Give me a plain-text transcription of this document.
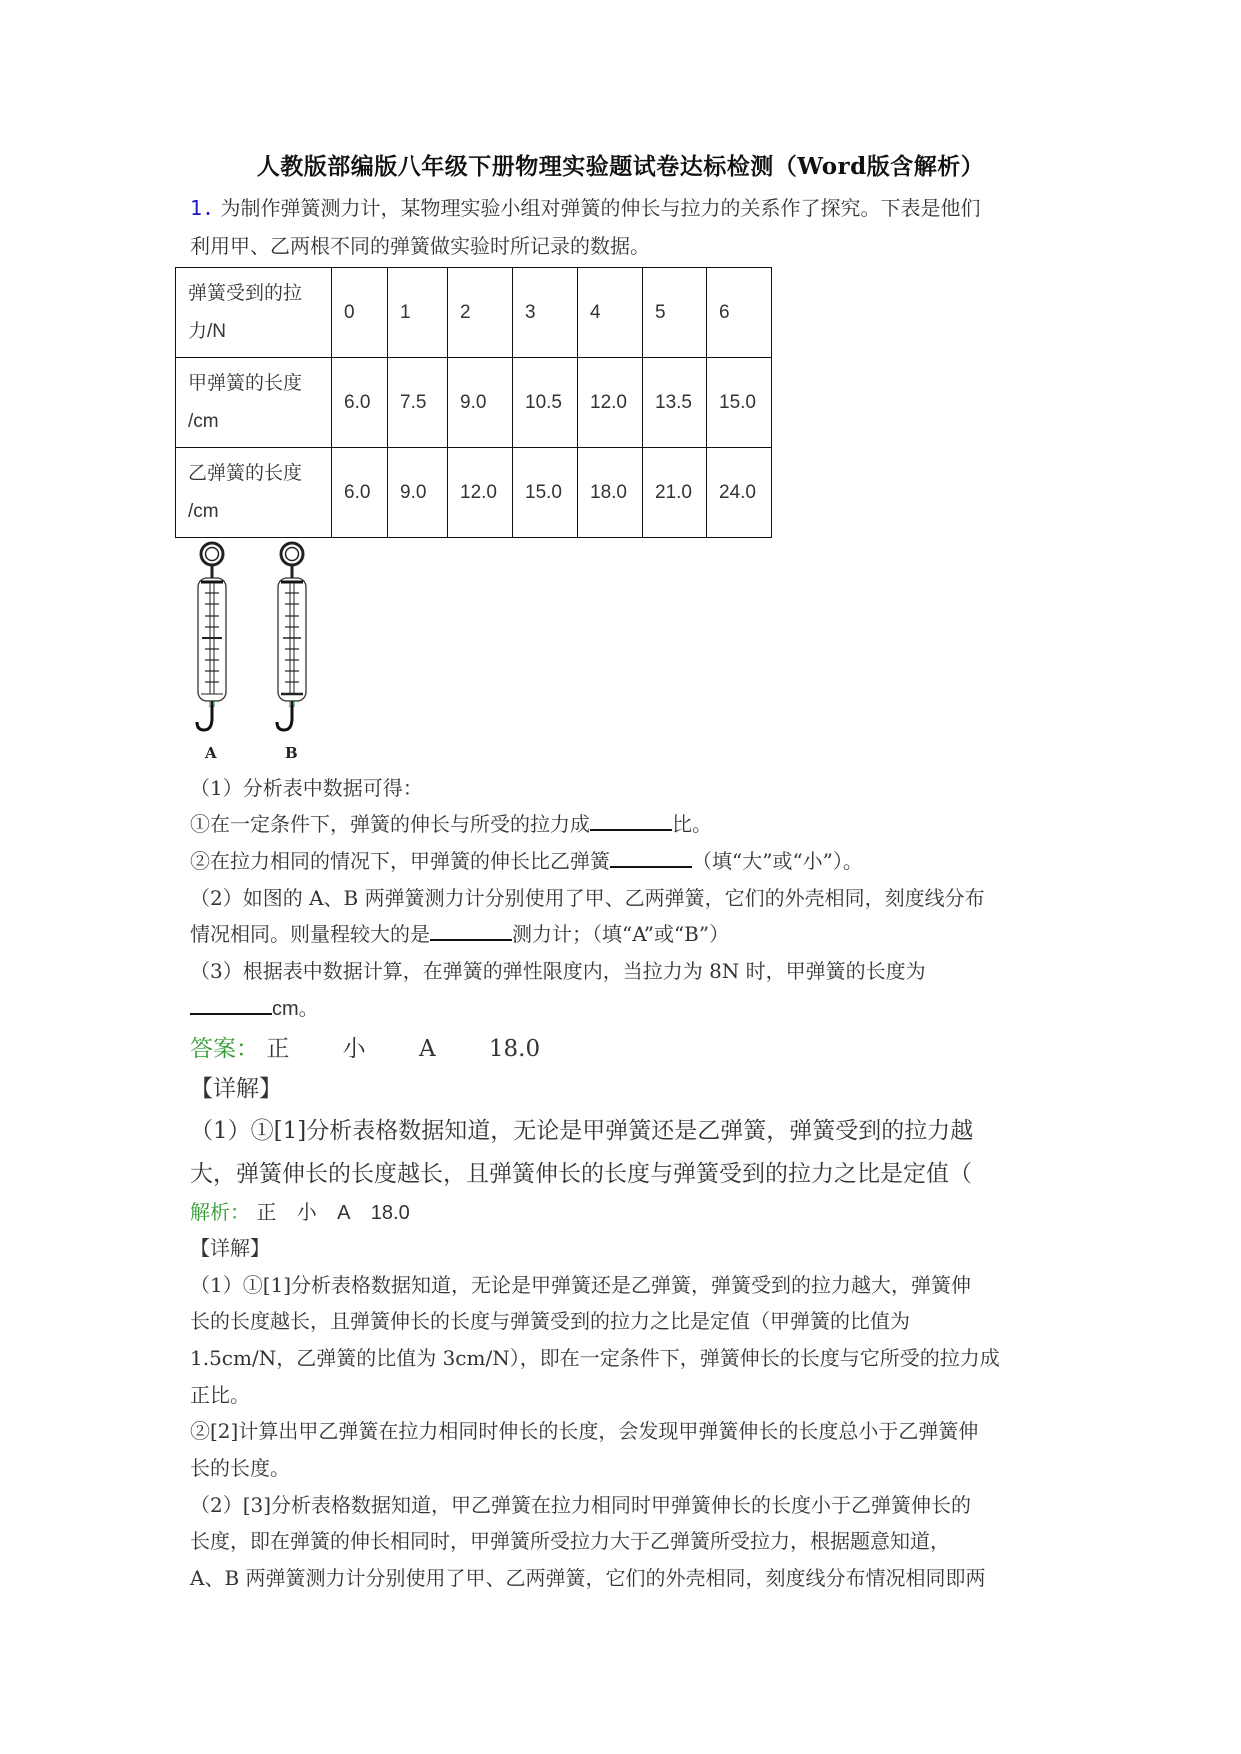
人教版部编版八年级下册物理实验题试卷达标检测（Word版含解析）
1. 为制作弹簧测力计，某物理实验小组对弹簧的伸长与拉力的关系作了探究。下表是他们
利用甲、乙两根不同的弹簧做实验时所记录的数据。
弹簧受到的拉
力/N	0	1	2	3	4	5	6
甲弹簧的长度
/cm	6.0	7.5	9.0	10.5	12.0	13.5	15.0
乙弹簧的长度
/cm	6.0	9.0	12.0	15.0	18.0	21.0	24.0
N
A
N
B
（1）分析表中数据可得：
①在一定条件下，弹簧的伸长与所受的拉力成	比。
②在拉力相同的情况下，甲弹簧的伸长比乙弹簧	（填“大”或“小”）。
（2）如图的 A、B 两弹簧测力计分别使用了甲、乙两弹簧，它们的外壳相同，刻度线分布
情况相同。则量程较大的是	测力计；（填“A”或“B”）
（3）根据表中数据计算，在弹簧的弹性限度内，当拉力为 8N 时，甲弹簧的长度为
cm。
答案： 正 小 A 18.0
【详解】
（1）①[1]分析表格数据知道，无论是甲弹簧还是乙弹簧，弹簧受到的拉力越
大，弹簧伸长的长度越长，且弹簧伸长的长度与弹簧受到的拉力之比是定值（
解析： 正 小 A 18.0
【详解】
（1）①[1]分析表格数据知道，无论是甲弹簧还是乙弹簧，弹簧受到的拉力越大，弹簧伸
长的长度越长，且弹簧伸长的长度与弹簧受到的拉力之比是定值（甲弹簧的比值为
1.5cm/N，乙弹簧的比值为 3cm/N），即在一定条件下，弹簧伸长的长度与它所受的拉力成
正比。
②[2]计算出甲乙弹簧在拉力相同时伸长的长度，会发现甲弹簧伸长的长度总小于乙弹簧伸
长的长度。
（2）[3]分析表格数据知道，甲乙弹簧在拉力相同时甲弹簧伸长的长度小于乙弹簧伸长的
长度，即在弹簧的伸长相同时，甲弹簧所受拉力大于乙弹簧所受拉力，根据题意知道，
A、B 两弹簧测力计分别使用了甲、乙两弹簧，它们的外壳相同，刻度线分布情况相同即两
